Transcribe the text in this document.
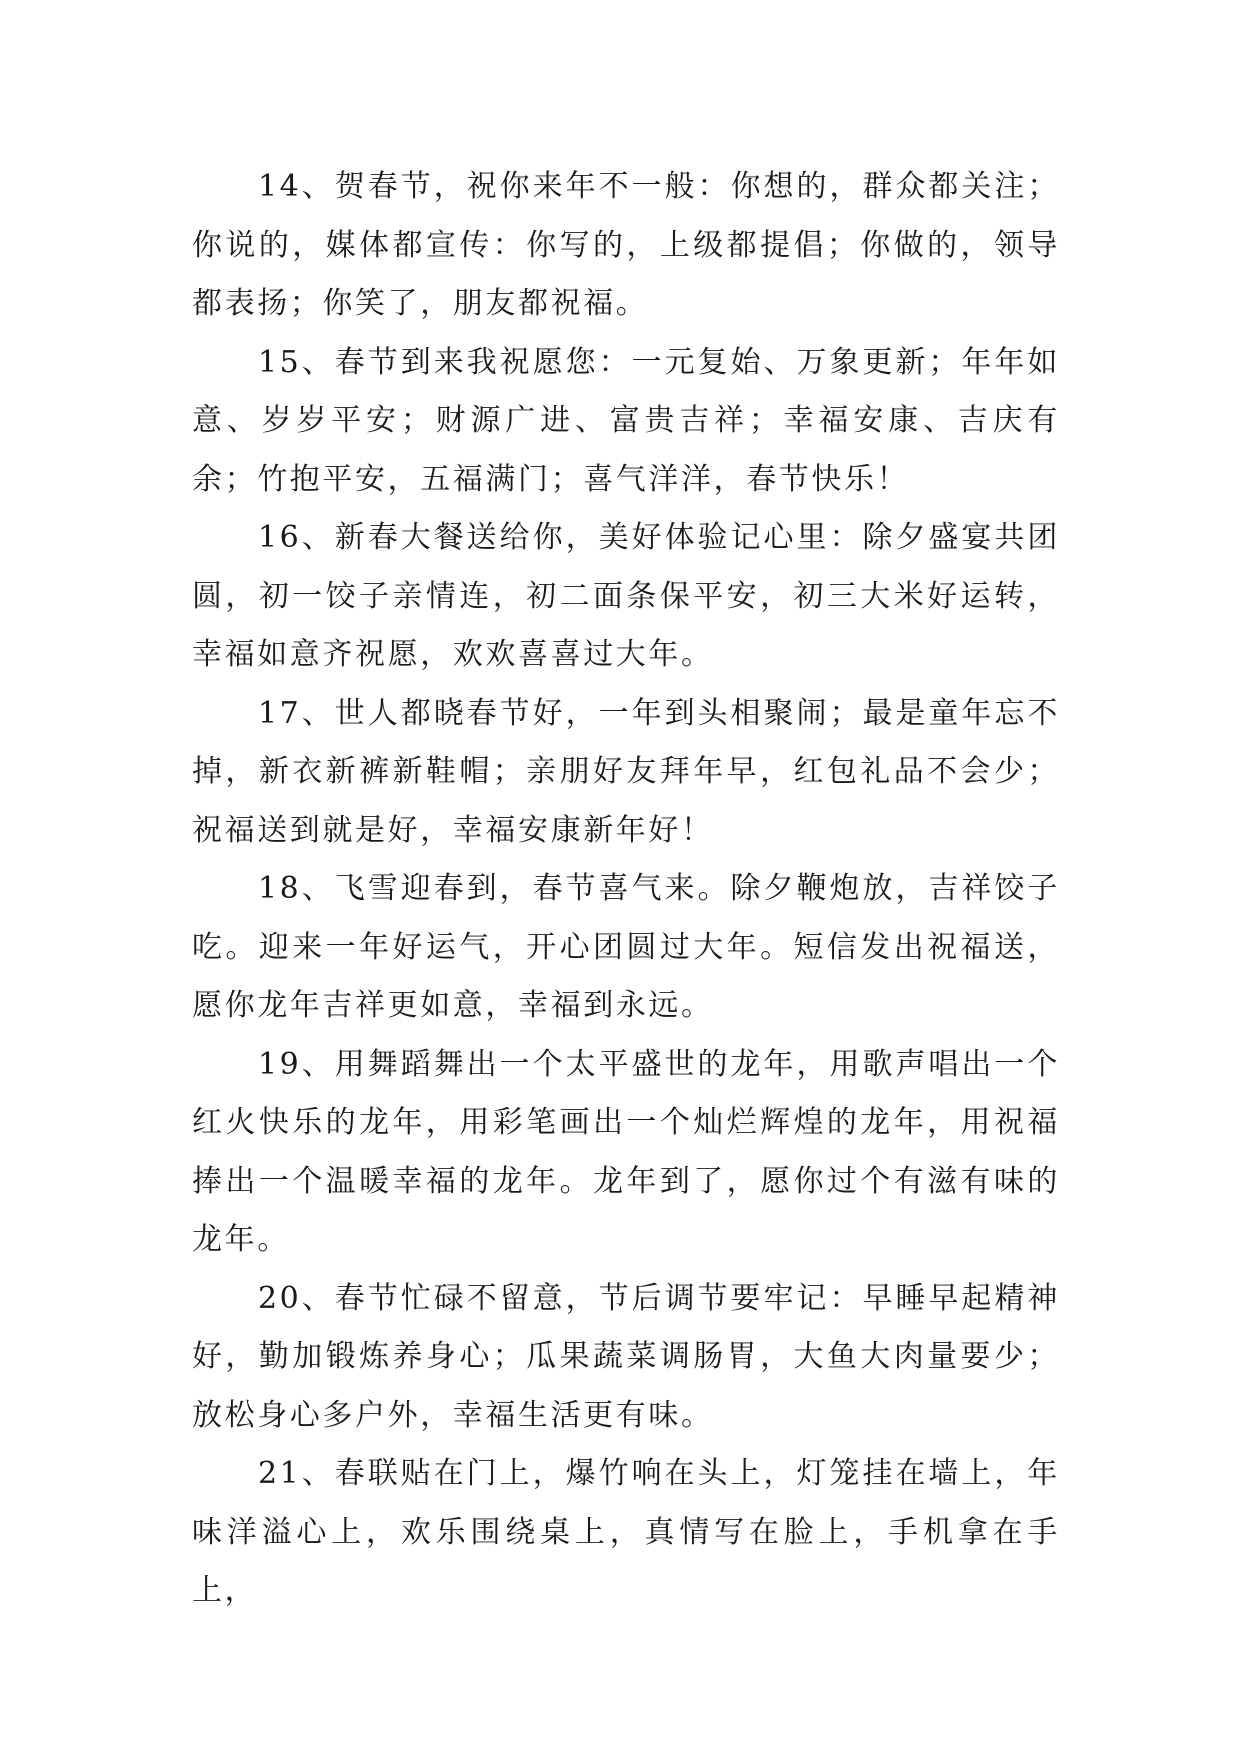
14、贺春节，祝你来年不一般：你想的，群众都关注；你说的，媒体都宣传：你写的，上级都提倡；你做的，领导都表扬；你笑了，朋友都祝福。

15、春节到来我祝愿您：一元复始、万象更新；年年如意、岁岁平安；财源广进、富贵吉祥；幸福安康、吉庆有余；竹抱平安，五福满门；喜气洋洋，春节快乐！

16、新春大餐送给你，美好体验记心里：除夕盛宴共团圆，初一饺子亲情连，初二面条保平安，初三大米好运转，幸福如意齐祝愿，欢欢喜喜过大年。

17、世人都晓春节好，一年到头相聚闹；最是童年忘不掉，新衣新裤新鞋帽；亲朋好友拜年早，红包礼品不会少；祝福送到就是好，幸福安康新年好！

18、飞雪迎春到，春节喜气来。除夕鞭炮放，吉祥饺子吃。迎来一年好运气，开心团圆过大年。短信发出祝福送，愿你龙年吉祥更如意，幸福到永远。

19、用舞蹈舞出一个太平盛世的龙年，用歌声唱出一个红火快乐的龙年，用彩笔画出一个灿烂辉煌的龙年，用祝福捧出一个温暖幸福的龙年。龙年到了，愿你过个有滋有味的龙年。

20、春节忙碌不留意，节后调节要牢记：早睡早起精神好，勤加锻炼养身心；瓜果蔬菜调肠胃，大鱼大肉量要少；放松身心多户外，幸福生活更有味。

21、春联贴在门上，爆竹响在头上，灯笼挂在墙上，年味洋溢心上，欢乐围绕桌上，真情写在脸上，手机拿在手上，
